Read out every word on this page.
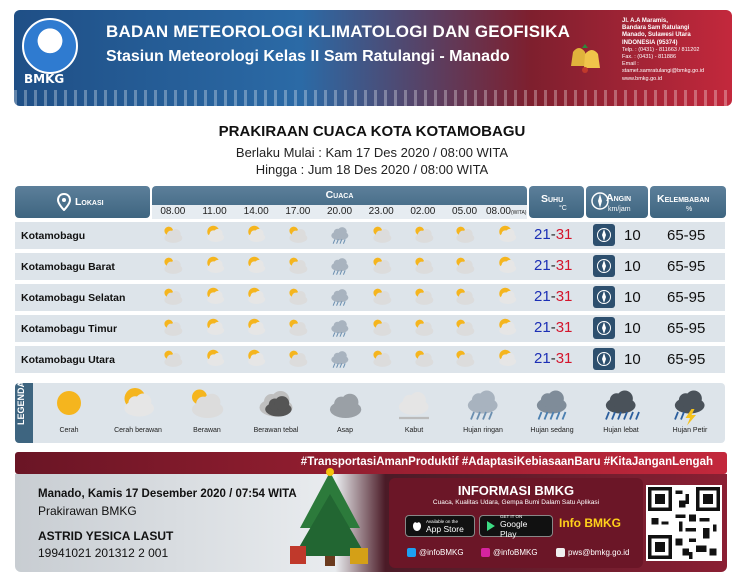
BMKG
BADAN METEOROLOGI KLIMATOLOGI DAN GEOFISIKA
Stasiun Meteorologi Kelas II Sam Ratulangi - Manado
Jl. A.A Maramis,
Bandara Sam Ratulangi
Manado, Sulawesi Utara
INDONESIA (95374)
Telp. : (0431) - 811663 / 811202
Fax. : (0431) - 811886
Email :
stamet.samratulangi@bmkg.go.id
www.bmkg.go.id
PRAKIRAAN CUACA KOTA KOTAMOBAGU
Berlaku Mulai : Kam 17 Des 2020 / 08:00 WITA
Hingga : Jum 18 Des 2020 / 08:00 WITA
Lokasi
Cuaca
08.00	11.00	14.00	17.00	20.00	23.00	02.00	05.00 08.00(WITA)
Suhu
°C
Angin
km/jam
Kelembaban
%
Kotamobagu	21-31	10 65-95
Kotamobagu Barat	21-31	10 65-95
Kotamobagu Selatan	21-31	10 65-95
Kotamobagu Timur	21-31	10 65-95
Kotamobagu Utara	21-31	10 65-95
LEGENDA
Cerah	Cerah berawan	Berawan	Berawan tebal	Asap	Kabut	Hujan ringan	Hujan sedang	Hujan lebat	Hujan Petir
#TransportasiAmanProduktif #AdaptasiKebiasaanBaru #KitaJanganLengah
Manado, Kamis 17 Desember 2020 / 07:54 WITA
Prakirawan BMKG
ASTRID YESICA LASUT
19941021 201312 2 001
INFORMASI BMKG
Cuaca, Kualitas Udara, Gempa Bumi Dalam Satu Aplikasi
Available on the
App Store
GET IT ON
Google Play
Info BMKG
@infoBMKG	@infoBMKG	pws@bmkg.go.id
